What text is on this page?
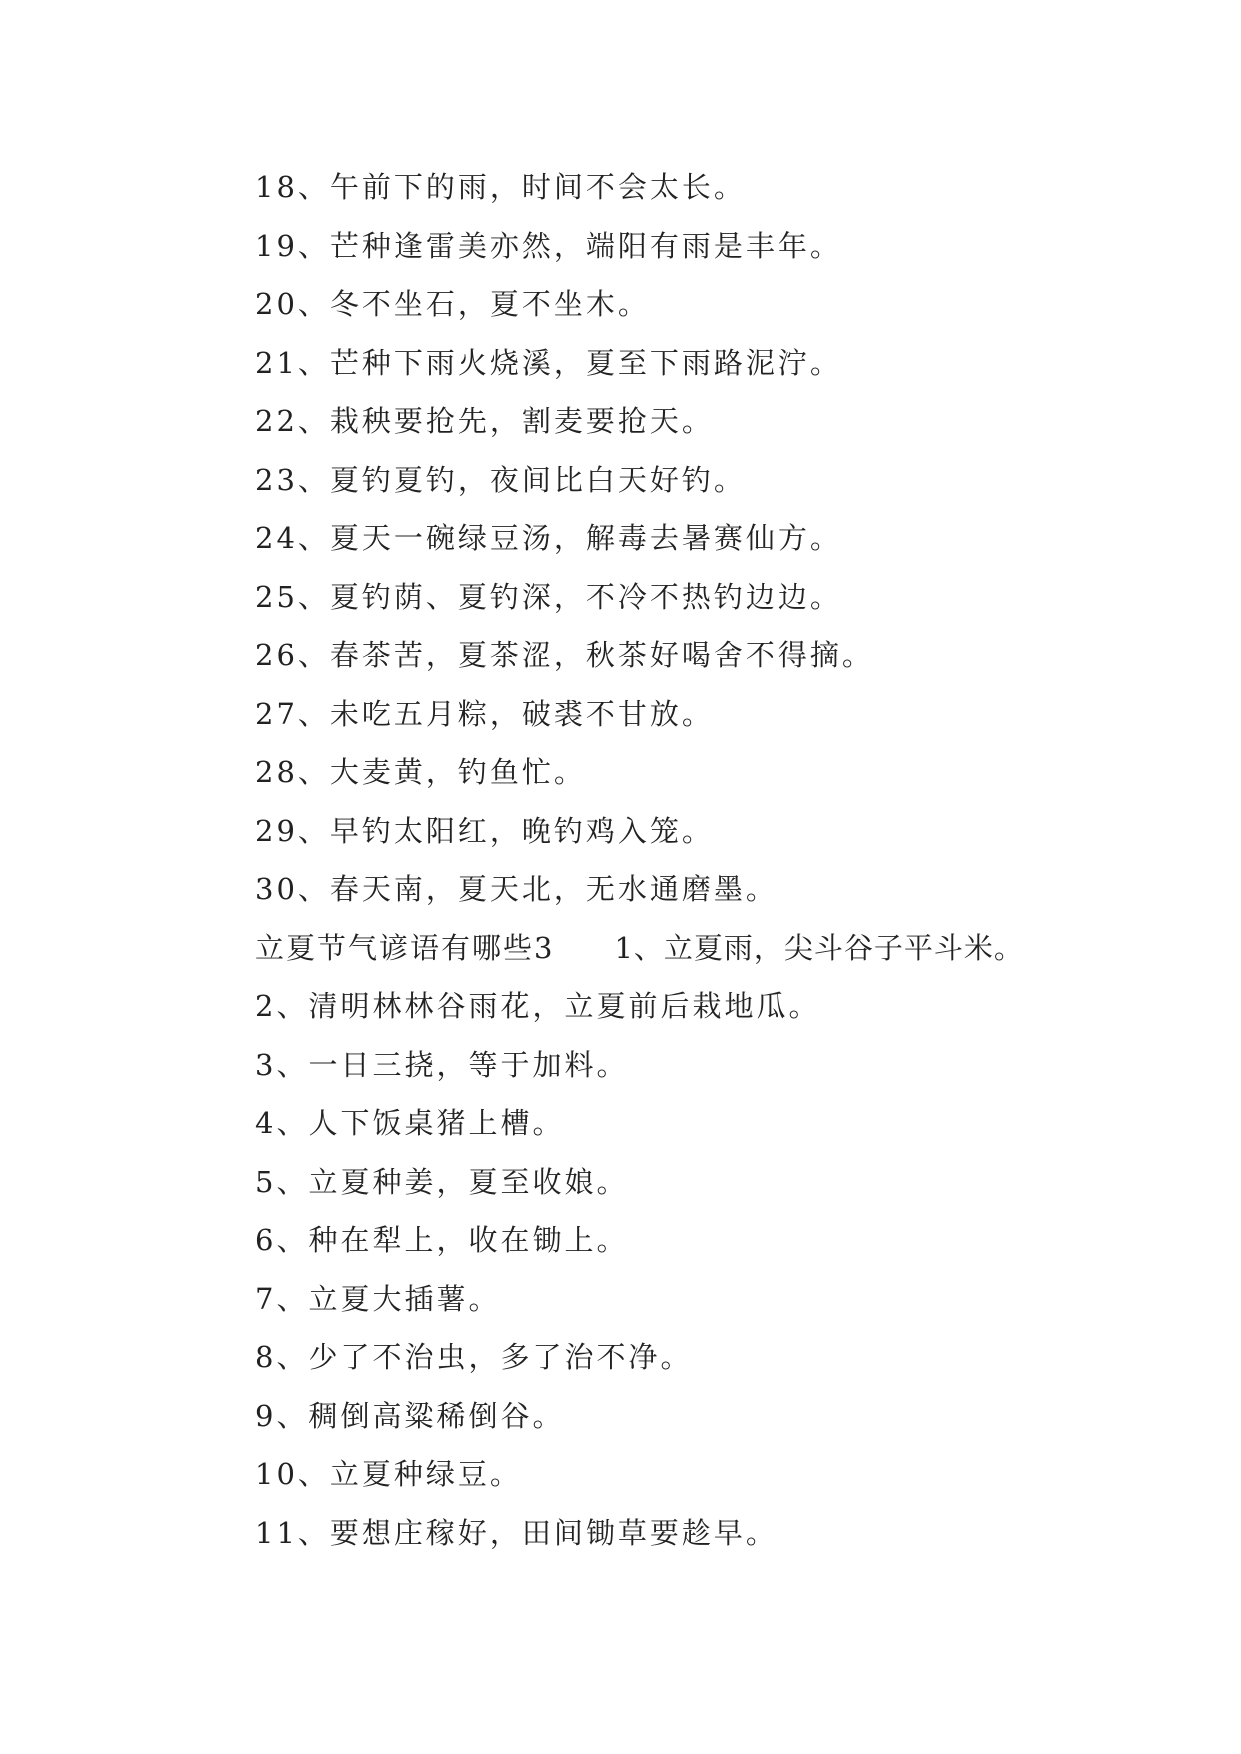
18、午前下的雨，时间不会太长。
19、芒种逢雷美亦然，端阳有雨是丰年。
20、冬不坐石，夏不坐木。
21、芒种下雨火烧溪，夏至下雨路泥泞。
22、栽秧要抢先，割麦要抢天。
23、夏钓夏钓，夜间比白天好钓。
24、夏天一碗绿豆汤，解毒去暑赛仙方。
25、夏钓荫、夏钓深，不冷不热钓边边。
26、春茶苦，夏茶涩，秋茶好喝舍不得摘。
27、未吃五月粽，破裘不甘放。
28、大麦黄，钓鱼忙。
29、早钓太阳红，晚钓鸡入笼。
30、春天南，夏天北，无水通磨墨。
立夏节气谚语有哪些3 1、立夏雨，尖斗谷子平斗米。
2、清明林林谷雨花，立夏前后栽地瓜。
3、一日三挠，等于加料。
4、人下饭桌猪上槽。
5、立夏种姜，夏至收娘。
6、种在犁上，收在锄上。
7、立夏大插薯。
8、少了不治虫，多了治不净。
9、稠倒高粱稀倒谷。
10、立夏种绿豆。
11、要想庄稼好，田间锄草要趁早。
